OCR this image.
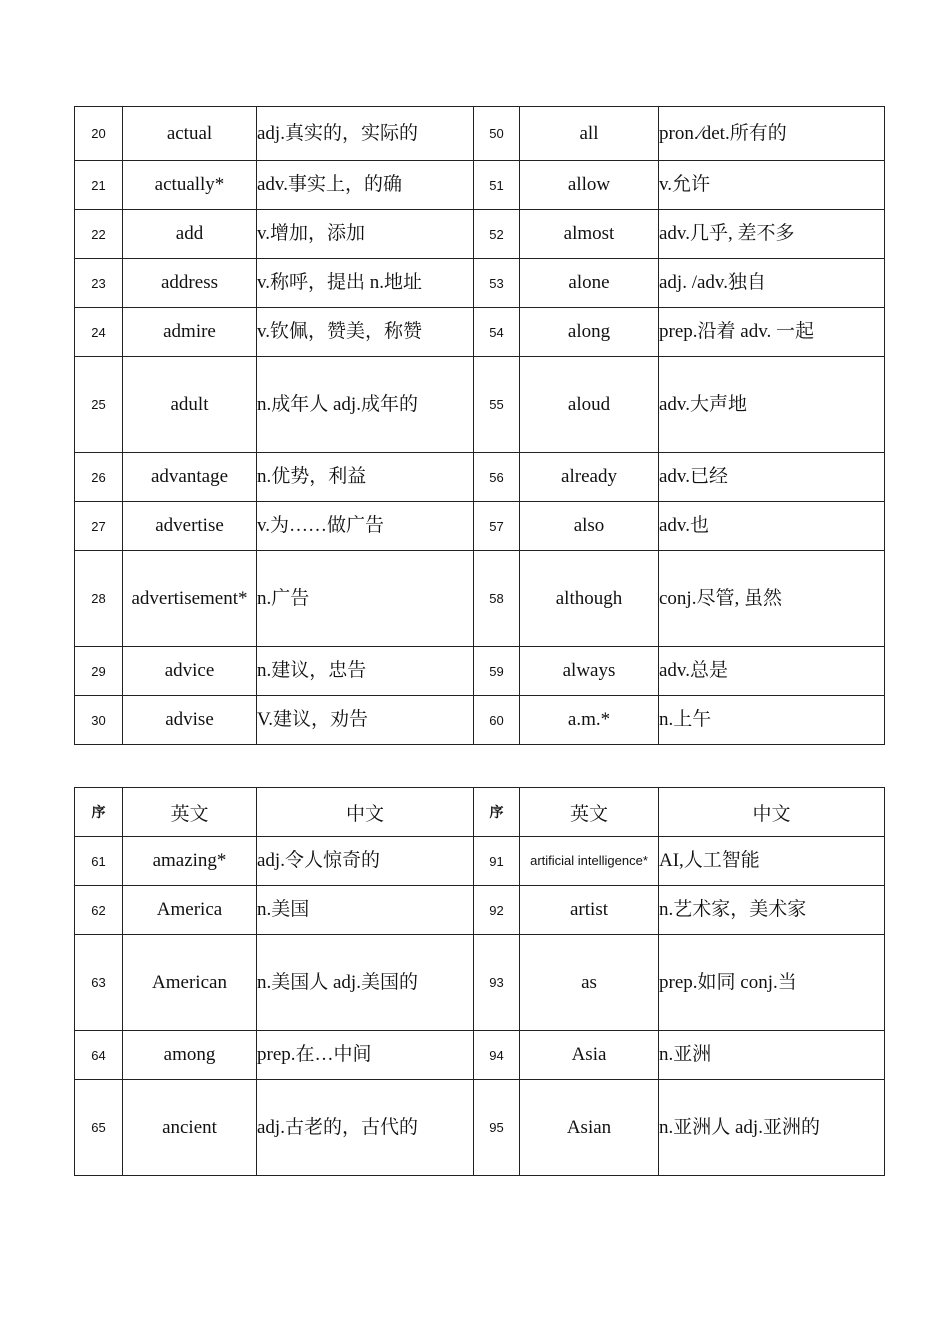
20	actual	adj.真实的，实际的	50	all	pron.∕det.所有的
21	actually*	adv.事实上，的确	51	allow	v.允许
22	add	v.增加，添加	52	almost	adv.几乎, 差不多
23	address	v.称呼，提出 n.地址	53	alone	adj. /adv.独自
24	admire	v.钦佩，赞美，称赞	54	along	prep.沿着 adv. 一起
25	adult	n.成年人 adj.成年的	55	aloud	adv.大声地
26	advantage	n.优势，利益	56	already	adv.已经
27	advertise	v.为……做广告	57	also	adv.也
28	advertisement*	n.广告	58	although	conj.尽管, 虽然
29	advice	n.建议，忠告	59	always	adv.总是
30	advise	V.建议，劝告	60	a.m.*	n.上午
序	英文	中文	序	英文	中文
61	amazing*	adj.令人惊奇的	91	artificial intelligence*	AI,人工智能
62	America	n.美国	92	artist	n.艺术家，美术家
63	American	n.美国人 adj.美国的	93	as	prep.如同 conj.当
64	among	prep.在…中间	94	Asia	n.亚洲
65	ancient	adj.古老的，古代的	95	Asian	n.亚洲人 adj.亚洲的
